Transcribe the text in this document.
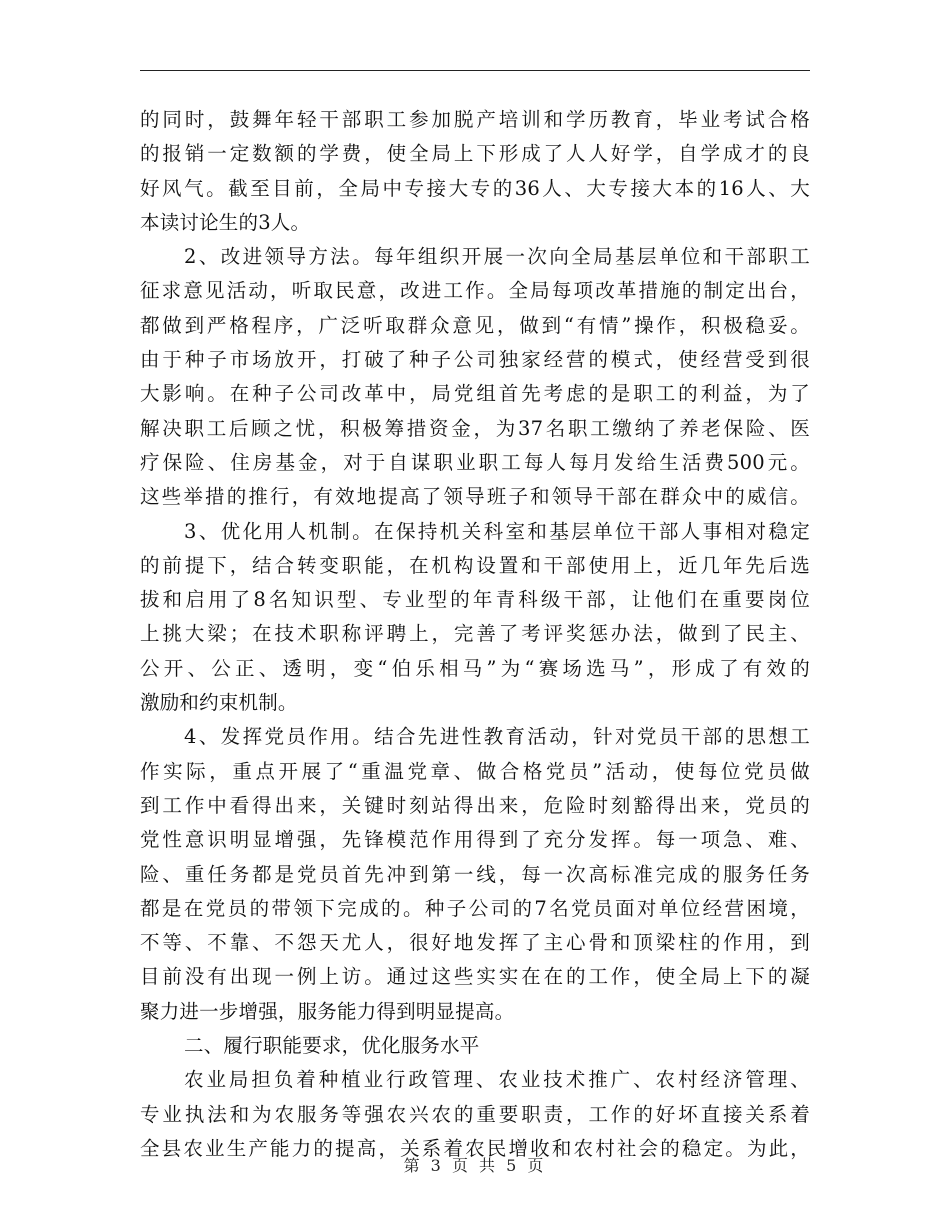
的同时，鼓舞年轻干部职工参加脱产培训和学历教育，毕业考试合格
的报销一定数额的学费，使全局上下形成了人人好学，自学成才的良
好风气。截至目前，全局中专接大专的36人、大专接大本的16人、大
本读讨论生的3人。
2、改进领导方法。每年组织开展一次向全局基层单位和干部职工
征求意见活动，听取民意，改进工作。全局每项改革措施的制定出台，
都做到严格程序，广泛听取群众意见，做到“有情”操作，积极稳妥。
由于种子市场放开，打破了种子公司独家经营的模式，使经营受到很
大影响。在种子公司改革中，局党组首先考虑的是职工的利益，为了
解决职工后顾之忧，积极筹措资金，为37名职工缴纳了养老保险、医
疗保险、住房基金，对于自谋职业职工每人每月发给生活费500元。
这些举措的推行，有效地提高了领导班子和领导干部在群众中的威信。
3、优化用人机制。在保持机关科室和基层单位干部人事相对稳定
的前提下，结合转变职能，在机构设置和干部使用上，近几年先后选
拔和启用了8名知识型、专业型的年青科级干部，让他们在重要岗位
上挑大梁；在技术职称评聘上，完善了考评奖惩办法，做到了民主、
公开、公正、透明，变“伯乐相马”为“赛场选马”，形成了有效的
激励和约束机制。
4、发挥党员作用。结合先进性教育活动，针对党员干部的思想工
作实际，重点开展了“重温党章、做合格党员”活动，使每位党员做
到工作中看得出来，关键时刻站得出来，危险时刻豁得出来，党员的
党性意识明显增强，先锋模范作用得到了充分发挥。每一项急、难、
险、重任务都是党员首先冲到第一线，每一次高标准完成的服务任务
都是在党员的带领下完成的。种子公司的7名党员面对单位经营困境，
不等、不靠、不怨天尤人，很好地发挥了主心骨和顶梁柱的作用，到
目前没有出现一例上访。通过这些实实在在的工作，使全局上下的凝
聚力进一步增强，服务能力得到明显提高。
二、履行职能要求，优化服务水平
农业局担负着种植业行政管理、农业技术推广、农村经济管理、
专业执法和为农服务等强农兴农的重要职责，工作的好坏直接关系着
全县农业生产能力的提高，关系着农民增收和农村社会的稳定。为此，
第 3 页 共 5 页
